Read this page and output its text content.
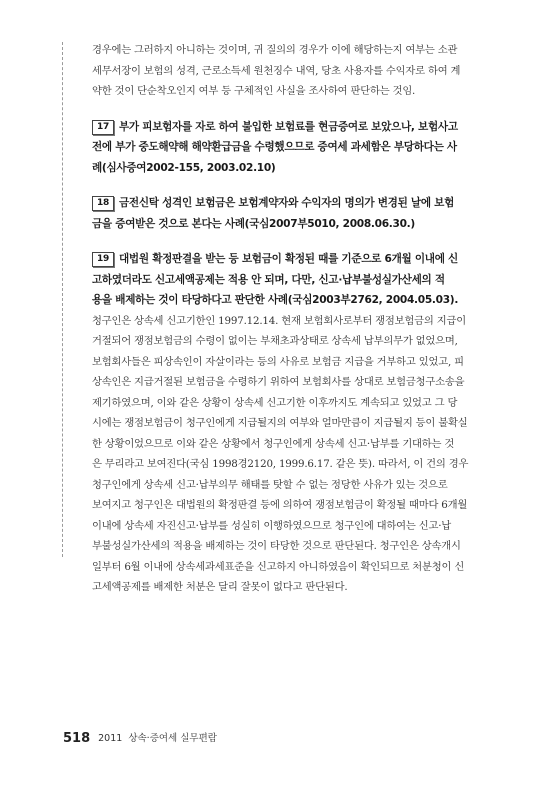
경우에는 그러하지 아니하는 것이며, 귀 질의의 경우가 이에 해당하는지 여부는 소관
세무서장이 보험의 성격, 근로소득세 원천징수 내역, 당초 사용자를 수익자로 하여 계
약한 것이 단순착오인지 여부 등 구체적인 사실을 조사하여 판단하는 것임.

17 부가 피보험자를 자로 하여 불입한 보험료를 현금증여로 보았으나, 보험사고
전에 부가 중도해약해 해약환급금을 수령했으므로 증여세 과세함은 부당하다는 사
례(심사증여2002-155, 2003.02.10)

18 금전신탁 성격인 보험금은 보험계약자와 수익자의 명의가 변경된 날에 보험
금을 증여받은 것으로 본다는 사례(국심2007부5010, 2008.06.30.)

19 대법원 확정판결을 받는 등 보험금이 확정된 때를 기준으로 6개월 이내에 신
고하였더라도 신고세액공제는 적용 안 되며, 다만, 신고·납부불성실가산세의 적
용을 배제하는 것이 타당하다고 판단한 사례(국심2003부2762, 2004.05.03).

청구인은 상속세 신고기한인 1997.12.14. 현재 보험회사로부터 쟁점보험금의 지급이
거절되어 쟁점보험금의 수령이 없이는 부채초과상태로 상속세 납부의무가 없었으며,
보험회사들은 피상속인이 자살이라는 등의 사유로 보험금 지급을 거부하고 있었고, 피
상속인은 지급거절된 보험금을 수령하기 위하여 보험회사를 상대로 보험금청구소송을
제기하였으며, 이와 같은 상황이 상속세 신고기한 이후까지도 계속되고 있었고 그 당
시에는 쟁점보험금이 청구인에게 지급될지의 여부와 얼마만큼이 지급될지 등이 불확실
한 상황이었으므로 이와 같은 상황에서 청구인에게 상속세 신고·납부를 기대하는 것
은 무리라고 보여진다(국심 1998경2120, 1999.6.17. 같은 뜻). 따라서, 이 건의 경우
청구인에게 상속세 신고·납부의무 해태를 탓할 수 없는 정당한 사유가 있는 것으로
보여지고 청구인은 대법원의 확정판결 등에 의하여 쟁점보험금이 확정될 때마다 6개월
이내에 상속세 자진신고·납부를 성실히 이행하였으므로 청구인에 대하여는 신고·납
부불성실가산세의 적용을 배제하는 것이 타당한 것으로 판단된다. 청구인은 상속개시
일부터 6월 이내에 상속세과세표준을 신고하지 아니하였음이 확인되므로 처분청이 신
고세액공제를 배제한 처분은 달리 잘못이 없다고 판단된다.

518 2011 상속·증여세 실무편람
